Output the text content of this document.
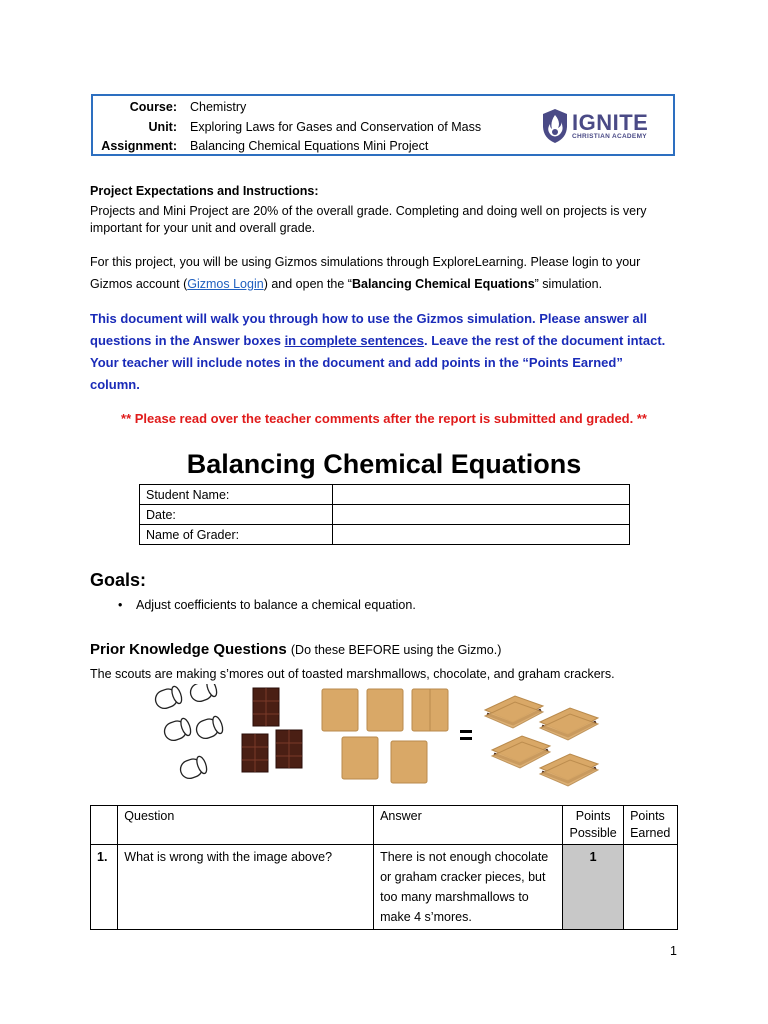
Course: Chemistry
Unit: Exploring Laws for Gases and Conservation of Mass
Assignment: Balancing Chemical Equations Mini Project
IGNITE
CHRISTIAN ACADEMY
Project Expectations and Instructions:
Projects and Mini Project are 20% of the overall grade. Completing and doing well on projects is very
important for your unit and overall grade.
For this project, you will be using Gizmos simulations through ExploreLearning. Please login to your
Gizmos account (Gizmos Login) and open the “Balancing Chemical Equations” simulation.
This document will walk you through how to use the Gizmos simulation. Please answer all
questions in the Answer boxes in complete sentences. Leave the rest of the document intact.
Your teacher will include notes in the document and add points in the “Points Earned”
column.
** Please read over the teacher comments after the report is submitted and graded. **
Balancing Chemical Equations
Student Name:	
Date:	
Name of Grader:	
Goals:
• Adjust coefficients to balance a chemical equation.
Prior Knowledge Questions (Do these BEFORE using the Gizmo.)
The scouts are making s’mores out of toasted marshmallows, chocolate, and graham crackers.
	Question	Answer	Points Possible	Points Earned
1.	What is wrong with the image above?	There is not enough chocolate or graham cracker pieces, but too many marshmallows to make 4 s’mores.	1	
1
